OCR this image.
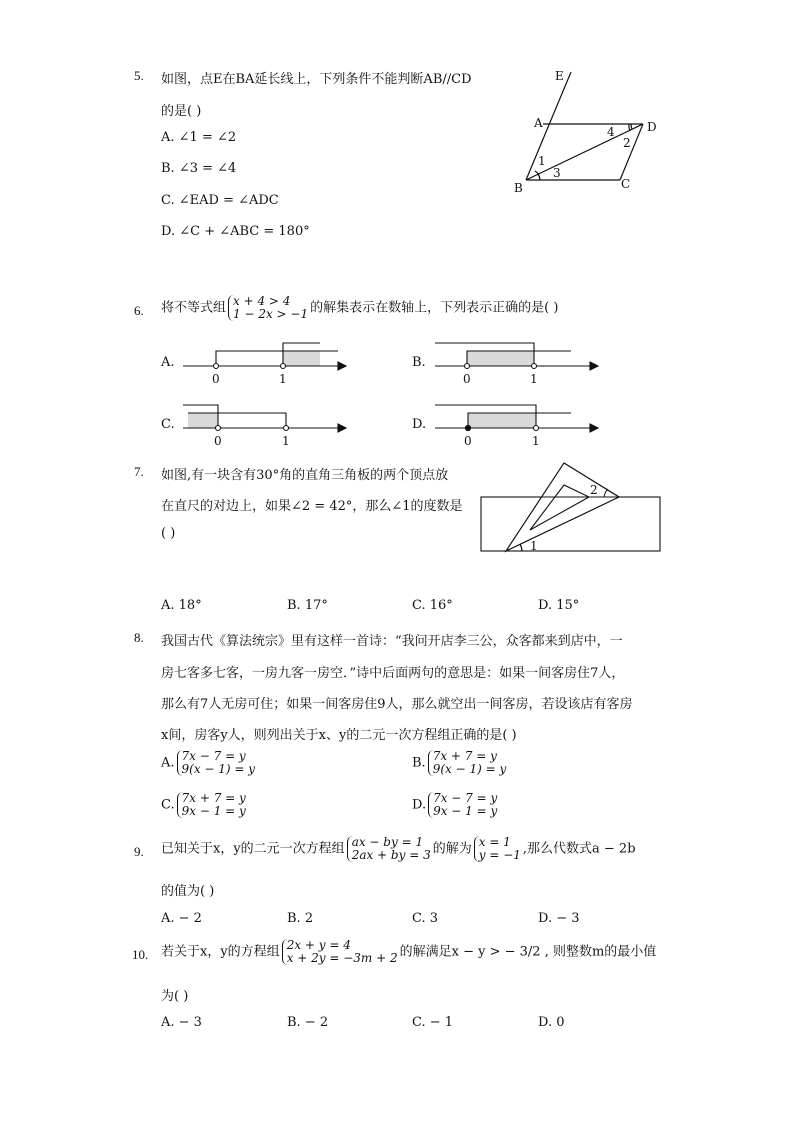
5. 如图，点E在BA延长线上，下列条件不能判断AB//CD
的是( )
A. ∠1 = ∠2
B. ∠3 = ∠4
C. ∠EAD = ∠ADC
D. ∠C + ∠ABC = 180°
E
A	D
B	C
1
2
3
4
6. 将不等式组 x + 4 > 4
1 − 2x > −1 的解集表示在数轴上，下列表示正确的是( )
A.
0	1
B.
0	1
C.
0	1
D.
0	1
7. 如图,有一块含有30°角的直角三角板的两个顶点放
在直尺的对边上，如果∠2 = 42°，那么∠1的度数是
( )
1
2
A. 18°	B. 17°	C. 16°	D. 15°
8. 我国古代《算法统宗》里有这样一首诗：“我问开店李三公，众客都来到店中，一
房七客多七客，一房九客一房空．”诗中后面两句的意思是：如果一间客房住7人，
那么有7人无房可住；如果一间客房住9人，那么就空出一间客房，若设该店有客房
x间，房客y人，则列出关于x、y的二元一次方程组正确的是( )
A. 7x − 7 = y
9(x − 1) = y	B. 7x + 7 = y
9(x − 1) = y
C. 7x + 7 = y
9x − 1 = y	D. 7x − 7 = y
9x − 1 = y
9. 已知关于x，y的二元一次方程组 ax − by = 1
2ax + by = 3 的解为 x = 1
y = −1 ,那么代数式a − 2b
的值为( )
A. − 2	B. 2	C. 3	D. − 3
10. 若关于x，y的方程组 2x + y = 4
x + 2y = −3m + 2 的解满足x − y > − 3/2 , 则整数m的最小值
为( )
A. − 3	B. − 2	C. − 1	D. 0
